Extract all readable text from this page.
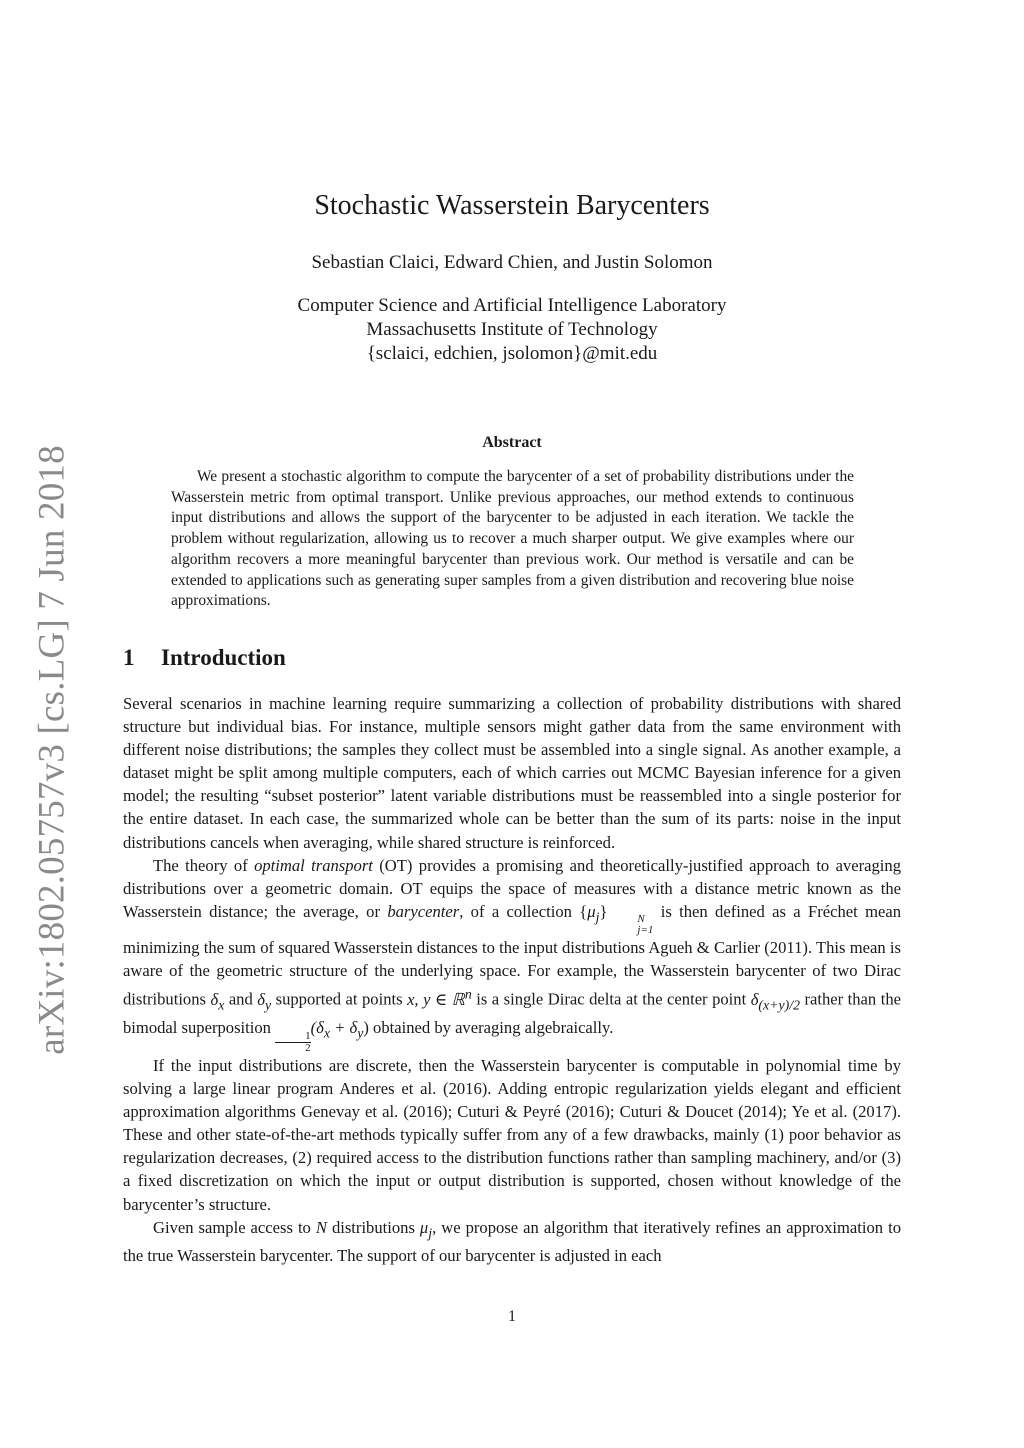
arXiv:1802.05757v3 [cs.LG] 7 Jun 2018
Stochastic Wasserstein Barycenters
Sebastian Claici, Edward Chien, and Justin Solomon
Computer Science and Artificial Intelligence Laboratory
Massachusetts Institute of Technology
{sclaici, edchien, jsolomon}@mit.edu
Abstract

We present a stochastic algorithm to compute the barycenter of a set of probability distributions under the Wasserstein metric from optimal transport. Unlike previous approaches, our method extends to continuous input distributions and allows the support of the barycenter to be adjusted in each iteration. We tackle the problem without regularization, allowing us to recover a much sharper output. We give examples where our algorithm recovers a more meaningful barycenter than previous work. Our method is versatile and can be extended to applications such as generating super samples from a given distribution and recovering blue noise approximations.

1 Introduction

Several scenarios in machine learning require summarizing a collection of probability distributions with shared structure but individual bias. For instance, multiple sensors might gather data from the same environment with different noise distributions; the samples they collect must be assembled into a single signal. As another example, a dataset might be split among multiple computers, each of which carries out MCMC Bayesian inference for a given model; the resulting “subset posterior” latent variable distributions must be reassembled into a single posterior for the entire dataset. In each case, the summarized whole can be better than the sum of its parts: noise in the input distributions cancels when averaging, while shared structure is reinforced.

The theory of optimal transport (OT) provides a promising and theoretically-justified approach to averaging distributions over a geometric domain. OT equips the space of measures with a distance metric known as the Wasserstein distance; the average, or barycenter, of a collection $\{\mu_j\}$	N
j=1
is then defined as a Fréchet mean minimizing the sum of squared Wasserstein distances to the input distributions Agueh & Carlier (2011). This mean is aware of the geometric structure of the underlying space. For example, the Wasserstein barycenter of two Dirac distributions $\delta_x$ and $\delta_y$ supported at points x, y ∈ ℝ$^n$ is a single Dirac delta at the center point $\delta_{(x+y)/2}$ rather than the bimodal superposition
$\frac{1}{2}$
$(\delta_x + \delta_y)$ obtained by averaging algebraically.

If the input distributions are discrete, then the Wasserstein barycenter is computable in polynomial time by solving a large linear program Anderes et al. (2016). Adding entropic regularization yields elegant and efficient approximation algorithms Genevay et al. (2016); Cuturi & Peyré (2016); Cuturi & Doucet (2014); Ye et al. (2017). These and other state-of-the-art methods typically suffer from any of a few drawbacks, mainly (1) poor behavior as regularization decreases, (2) required access to the distribution functions rather than sampling machinery, and/or (3) a fixed discretization on which the input or output distribution is supported, chosen without knowledge of the barycenter’s structure.

Given sample access to N distributions $\mu_j$, we propose an algorithm that iteratively refines an approximation to the true Wasserstein barycenter. The support of our barycenter is adjusted in each

1
